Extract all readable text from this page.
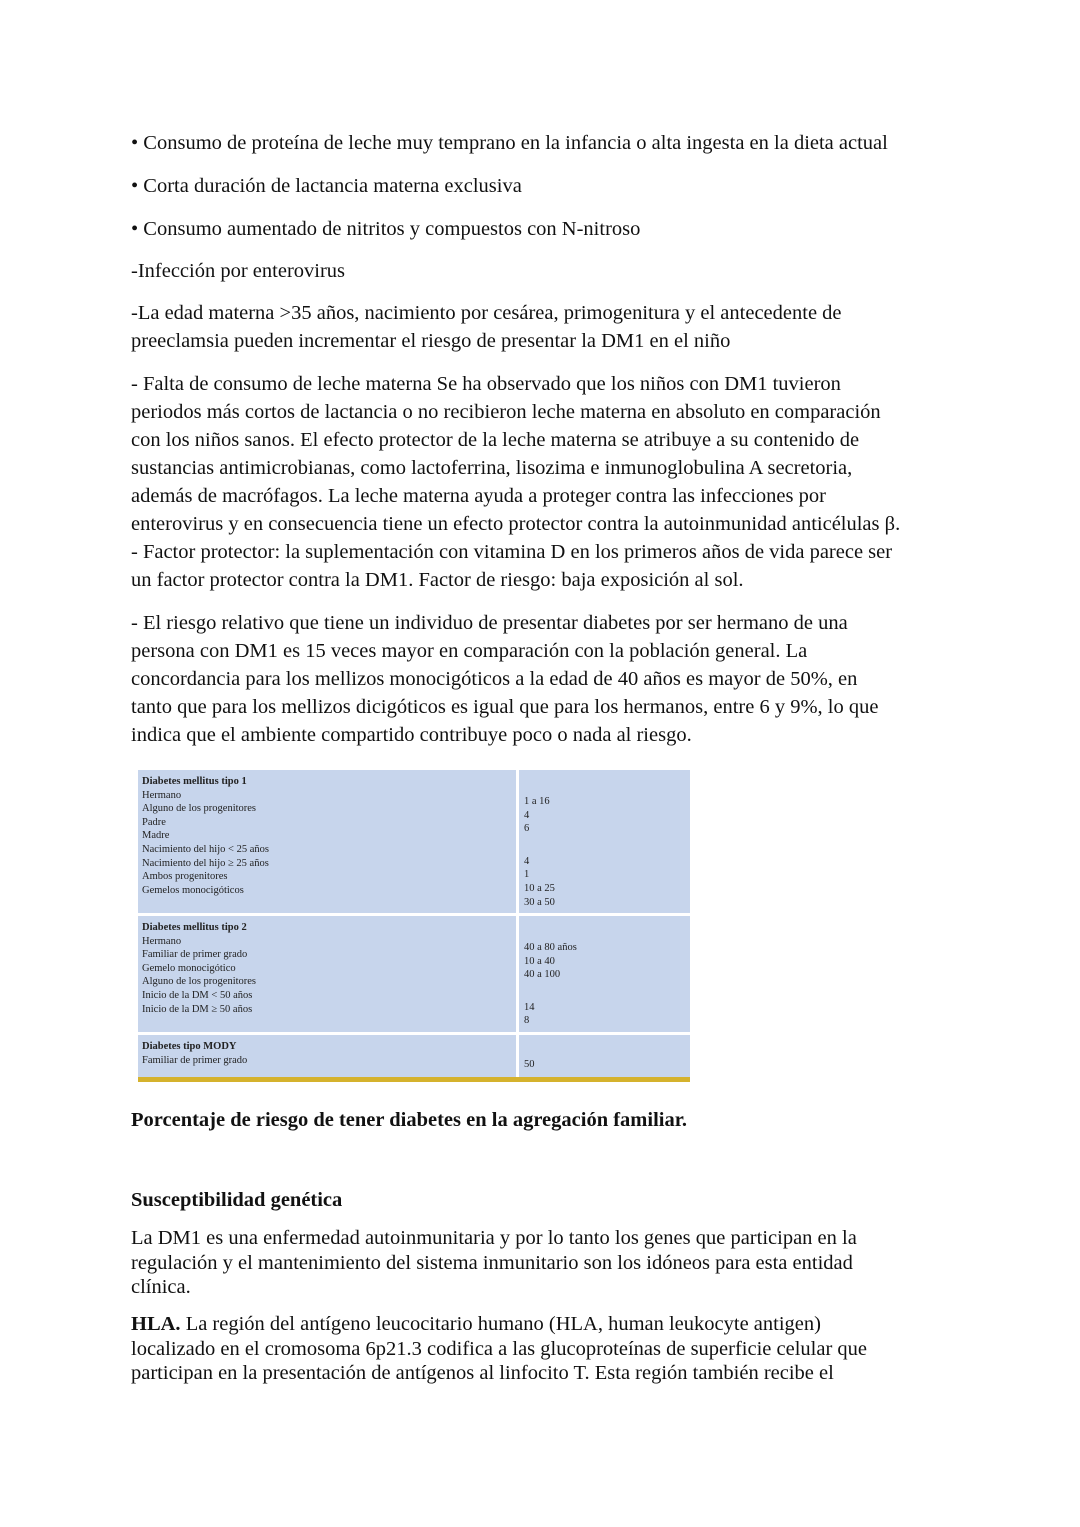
• Consumo de proteína de leche muy temprano en la infancia o alta ingesta en la dieta actual

• Corta duración de lactancia materna exclusiva

• Consumo aumentado de nitritos y compuestos con N-nitroso

-Infección por enterovirus

-La edad materna >35 años, nacimiento por cesárea, primogenitura y el antecedente de
preeclamsia pueden incrementar el riesgo de presentar la DM1 en el niño
- Falta de consumo de leche materna Se ha observado que los niños con DM1 tuvieron
periodos más cortos de lactancia o no recibieron leche materna en absoluto en comparación
con los niños sanos. El efecto protector de la leche materna se atribuye a su contenido de
sustancias antimicrobianas, como lactoferrina, lisozima e inmunoglobulina A secretoria,
además de macrófagos. La leche materna ayuda a proteger contra las infecciones por
enterovirus y en consecuencia tiene un efecto protector contra la autoinmunidad anticélulas β.
- Factor protector: la suplementación con vitamina D en los primeros años de vida parece ser
un factor protector contra la DM1. Factor de riesgo: baja exposición al sol.
- El riesgo relativo que tiene un individuo de presentar diabetes por ser hermano de una
persona con DM1 es 15 veces mayor en comparación con la población general. La
concordancia para los mellizos monocigóticos a la edad de 40 años es mayor de 50%, en
tanto que para los mellizos dicigóticos es igual que para los hermanos, entre 6 y 9%, lo que
indica que el ambiente compartido contribuye poco o nada al riesgo.
Diabetes mellitus tipo 1
Hermano
Alguno de los progenitores
Padre
Madre
Nacimiento del hijo < 25 años
Nacimiento del hijo ≥ 25 años
Ambos progenitores
Gemelos monocigóticos
1 a 16
4
6
4
1
10 a 25
30 a 50
Diabetes mellitus tipo 2
Hermano
Familiar de primer grado
Gemelo monocigótico
Alguno de los progenitores
Inicio de la DM < 50 años
Inicio de la DM ≥ 50 años
40 a 80 años
10 a 40
40 a 100
14
8
Diabetes tipo MODY
Familiar de primer grado	50

Porcentaje de riesgo de tener diabetes en la agregación familiar.

Susceptibilidad genética

La DM1 es una enfermedad autoinmunitaria y por lo tanto los genes que participan en la
regulación y el mantenimiento del sistema inmunitario son los idóneos para esta entidad
clínica.
HLA. La región del antígeno leucocitario humano (HLA, human leukocyte antigen)
localizado en el cromosoma 6p21.3 codifica a las glucoproteínas de superficie celular que
participan en la presentación de antígenos al linfocito T. Esta región también recibe el
